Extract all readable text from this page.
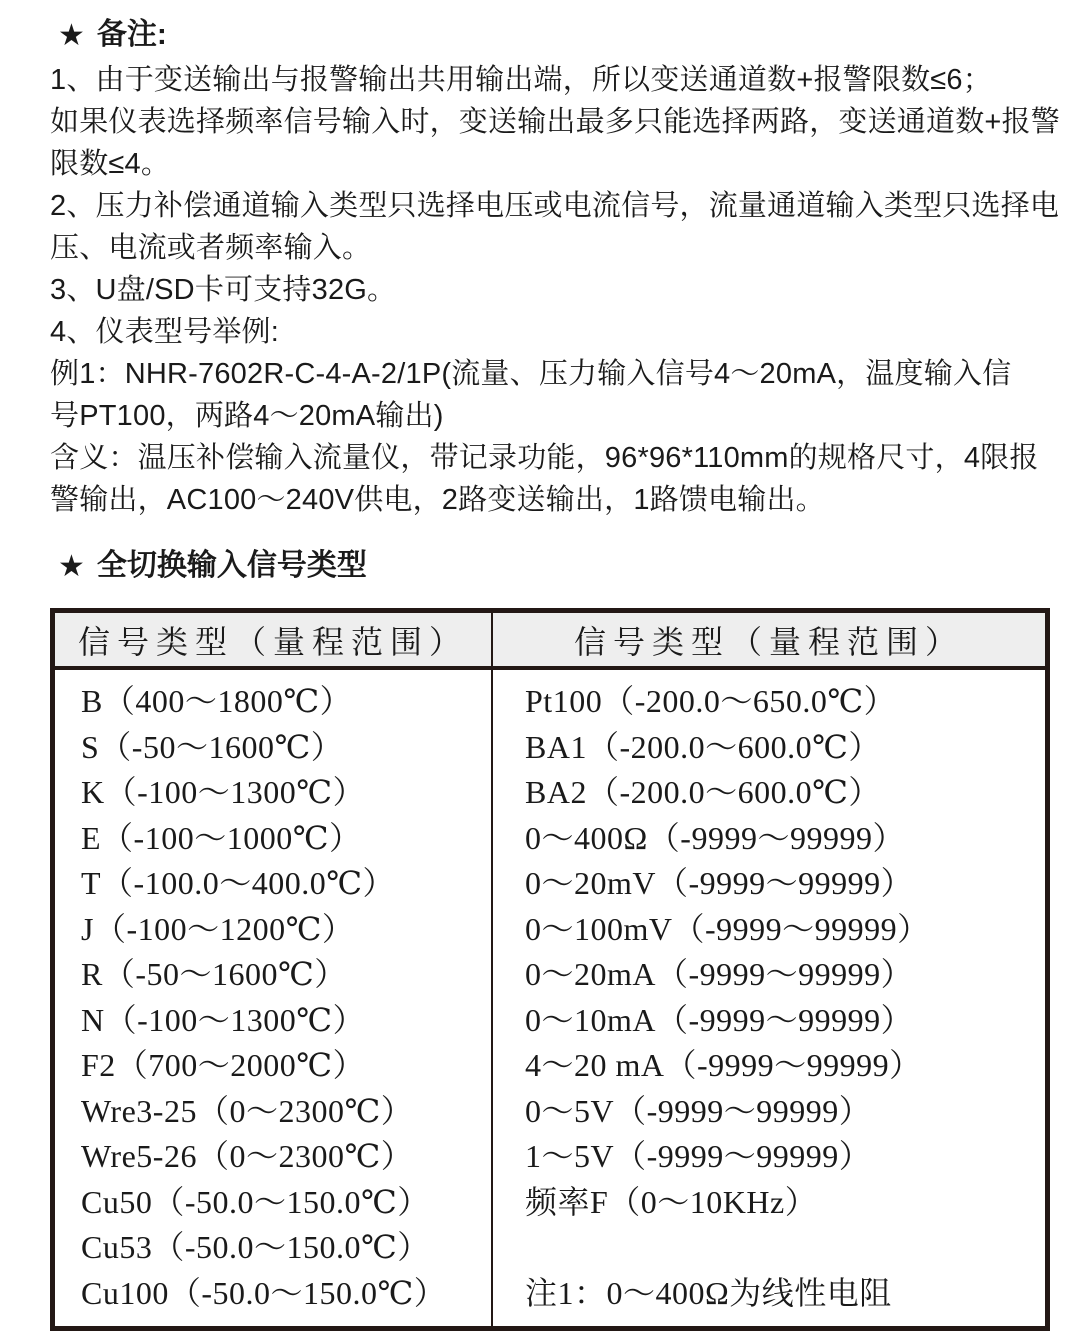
★ 备注:
1、由于变送输出与报警输出共用输出端，所以变送通道数+报警限数≤6；
如果仪表选择频率信号输入时，变送输出最多只能选择两路，变送通道数+报警
限数≤4。
2、压力补偿通道输入类型只选择电压或电流信号，流量通道输入类型只选择电
压、电流或者频率输入。
3、U盘/SD卡可支持32G。
4、仪表型号举例:
例1：NHR-7602R-C-4-A-2/1P(流量、压力输入信号4～20mA，温度输入信
号PT100，两路4～20mA输出)
含义：温压补偿输入流量仪，带记录功能，96*96*110mm的规格尺寸，4限报
警输出，AC100～240V供电，2路变送输出，1路馈电输出。
★ 全切换输入信号类型
信号类型（量程范围）	信号类型（量程范围）
B（400～1800℃）
S（-50～1600℃）
K（-100～1300℃）
E（-100～1000℃）
T（-100.0～400.0℃）
J（-100～1200℃）
R（-50～1600℃）
N（-100～1300℃）
F2（700～2000℃）
Wre3-25（0～2300℃）
Wre5-26（0～2300℃）
Cu50（-50.0～150.0℃）
Cu53（-50.0～150.0℃）
Cu100（-50.0～150.0℃）
Pt100（-200.0～650.0℃）
BA1（-200.0～600.0℃）
BA2（-200.0～600.0℃）
0～400Ω（-9999～99999）
0～20mV（-9999～99999）
0～100mV（-9999～99999）
0～20mA（-9999～99999）
0～10mA（-9999～99999）
4～20 mA（-9999～99999）
0～5V（-9999～99999）
1～5V（-9999～99999）
频率F（0～10KHz）
注1：0～400Ω为线性电阻
